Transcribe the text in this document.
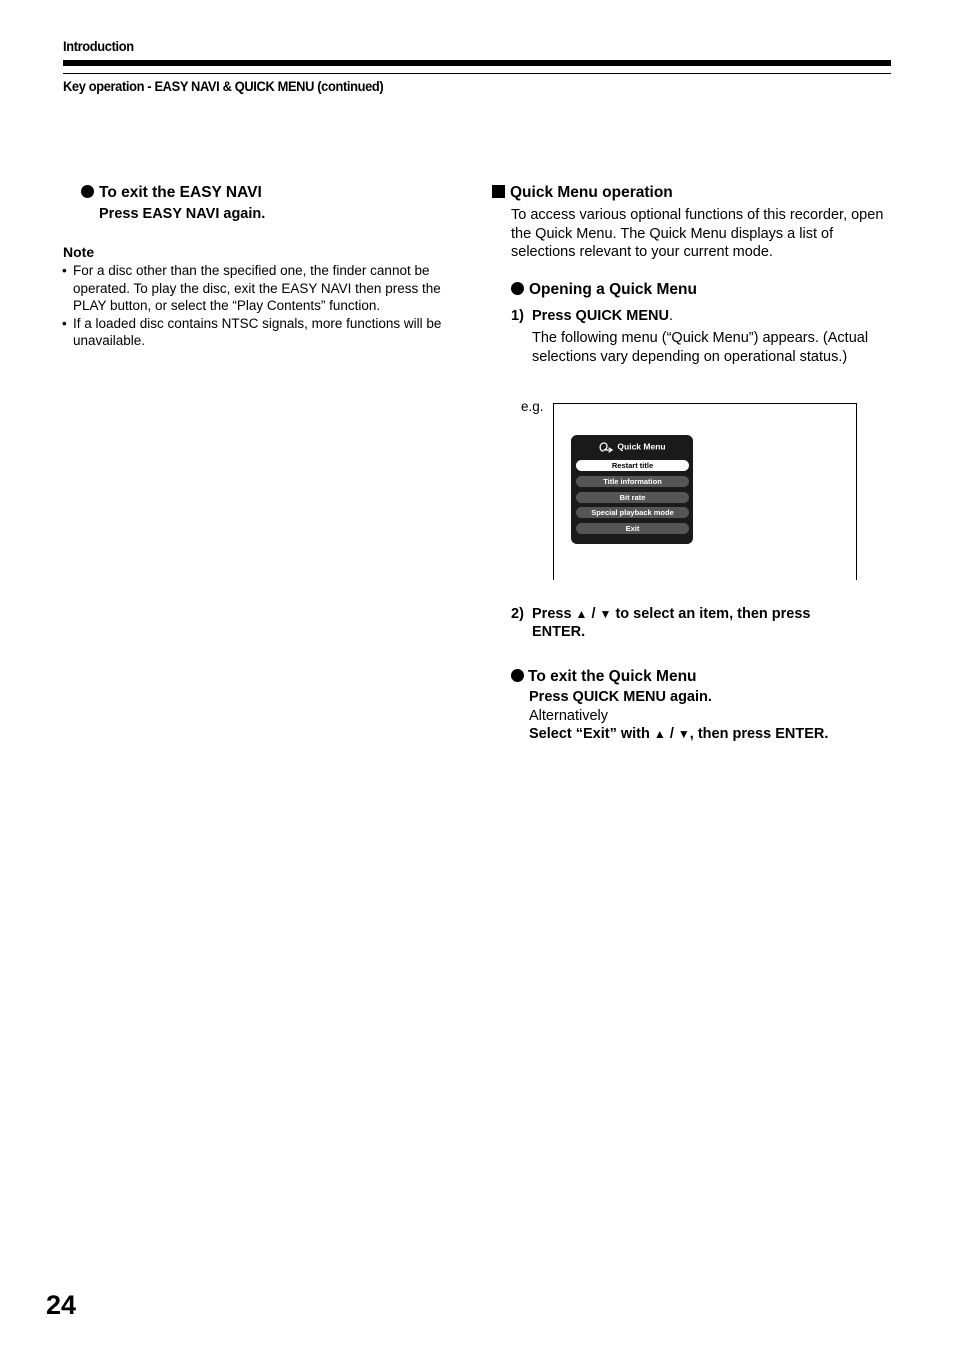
Introduction
Key operation - EASY NAVI & QUICK MENU (continued)
To exit the EASY NAVI
Press EASY NAVI again.
Note
• For a disc other than the specified one, the finder cannot be operated. To play the disc, exit the EASY NAVI then press the PLAY button, or select the “Play Contents” function.
• If a loaded disc contains NTSC signals, more functions will be unavailable.
Quick Menu operation
To access various optional functions of this recorder, open the Quick Menu. The Quick Menu displays a list of selections relevant to your current mode.
Opening a Quick Menu
1) Press QUICK MENU.
The following menu (“Quick Menu”) appears. (Actual selections vary depending on operational status.)
e.g.
Quick Menu
Restart title
Title information
Bit rate
Special playback mode
Exit
2) Press ▲ / ▼ to select an item, then press
ENTER.
To exit the Quick Menu
Press QUICK MENU again.
Alternatively
Select “Exit” with ▲ / ▼, then press ENTER.
24
